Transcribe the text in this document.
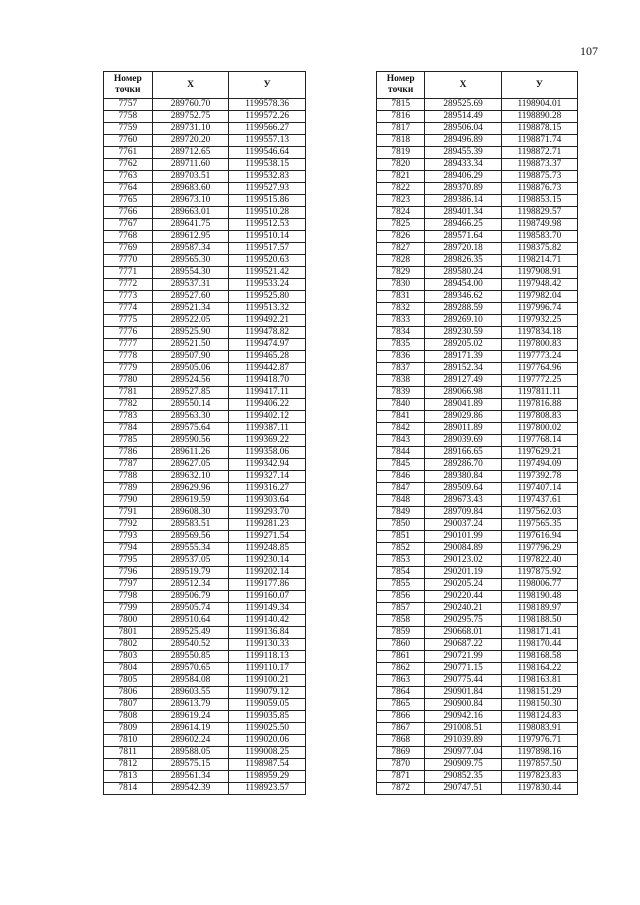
107
Номер
точки	X	У
7757	289760.70	1199578.36
7758	289752.75	1199572.26
7759	289731.10	1199566.27
7760	289720.20	1199557.13
7761	289712.65	1199546.64
7762	289711.60	1199538.15
7763	289703.51	1199532.83
7764	289683.60	1199527.93
7765	289673.10	1199515.86
7766	289663.01	1199510.28
7767	289641.75	1199512.53
7768	289612.95	1199510.14
7769	289587.34	1199517.57
7770	289565.30	1199520.63
7771	289554.30	1199521.42
7772	289537.31	1199533.24
7773	289527.60	1199525.80
7774	289521.34	1199513.32
7775	289522.05	1199492.21
7776	289525.90	1199478.82
7777	289521.50	1199474.97
7778	289507.90	1199465.28
7779	289505.06	1199442.87
7780	289524.56	1199418.70
7781	289527.85	1199417.11
7782	289550.14	1199406.22
7783	289563.30	1199402.12
7784	289575.64	1199387.11
7785	289590.56	1199369.22
7786	289611.26	1199358.06
7787	289627.05	1199342.94
7788	289632.10	1199327.14
7789	289629.96	1199316.27
7790	289619.59	1199303.64
7791	289608.30	1199293.70
7792	289583.51	1199281.23
7793	289569.56	1199271.54
7794	289555.34	1199248.85
7795	289537.05	1199230.14
7796	289519.79	1199202.14
7797	289512.34	1199177.86
7798	289506.79	1199160.07
7799	289505.74	1199149.34
7800	289510.64	1199140.42
7801	289525.49	1199136.84
7802	289540.52	1199130.33
7803	289550.85	1199118.13
7804	289570.65	1199110.17
7805	289584.08	1199100.21
7806	289603.55	1199079.12
7807	289613.79	1199059.05
7808	289619.24	1199035.85
7809	289614.19	1199025.50
7810	289602.24	1199020.06
7811	289588.05	1199008.25
7812	289575.15	1198987.54
7813	289561.34	1198959.29
7814	289542.39	1198923.57
Номер
точки	X	У
7815	289525.69	1198904.01
7816	289514.49	1198890.28
7817	289506.04	1198878.15
7818	289496.89	1198871.74
7819	289455.39	1198872.71
7820	289433.34	1198873.37
7821	289406.29	1198875.73
7822	289370.89	1198876.73
7823	289386.14	1198853.15
7824	289401.34	1198829.57
7825	289466.25	1198749.98
7826	289571.64	1198583.70
7827	289720.18	1198375.82
7828	289826.35	1198214.71
7829	289580.24	1197908.91
7830	289454.00	1197948.42
7831	289346.62	1197982.04
7832	289288.59	1197996.74
7833	289269.10	1197932.25
7834	289230.59	1197834.18
7835	289205.02	1197800.83
7836	289171.39	1197773.24
7837	289152.34	1197764.96
7838	289127.49	1197772.25
7839	289066.98	1197811.11
7840	289041.89	1197816.88
7841	289029.86	1197808.83
7842	289011.89	1197800.02
7843	289039.69	1197768.14
7844	289166.65	1197629.21
7845	289286.70	1197494.09
7846	289380.84	1197392.78
7847	289509.64	1197407.14
7848	289673.43	1197437.61
7849	289709.84	1197562.03
7850	290037.24	1197565.35
7851	290101.99	1197616.94
7852	290084.89	1197796.29
7853	290123.02	1197822.40
7854	290201.19	1197875.92
7855	290205.24	1198006.77
7856	290220.44	1198190.48
7857	290240.21	1198189.97
7858	290295.75	1198188.50
7859	290668.01	1198171.41
7860	290687.22	1198170.44
7861	290721.99	1198168.58
7862	290771.15	1198164.22
7863	290775.44	1198163.81
7864	290901.84	1198151.29
7865	290900.84	1198150.30
7866	290942.16	1198124.83
7867	291008.51	1198083.91
7868	291039.89	1197976.71
7869	290977.04	1197898.16
7870	290909.75	1197857.50
7871	290852.35	1197823.83
7872	290747.51	1197830.44
